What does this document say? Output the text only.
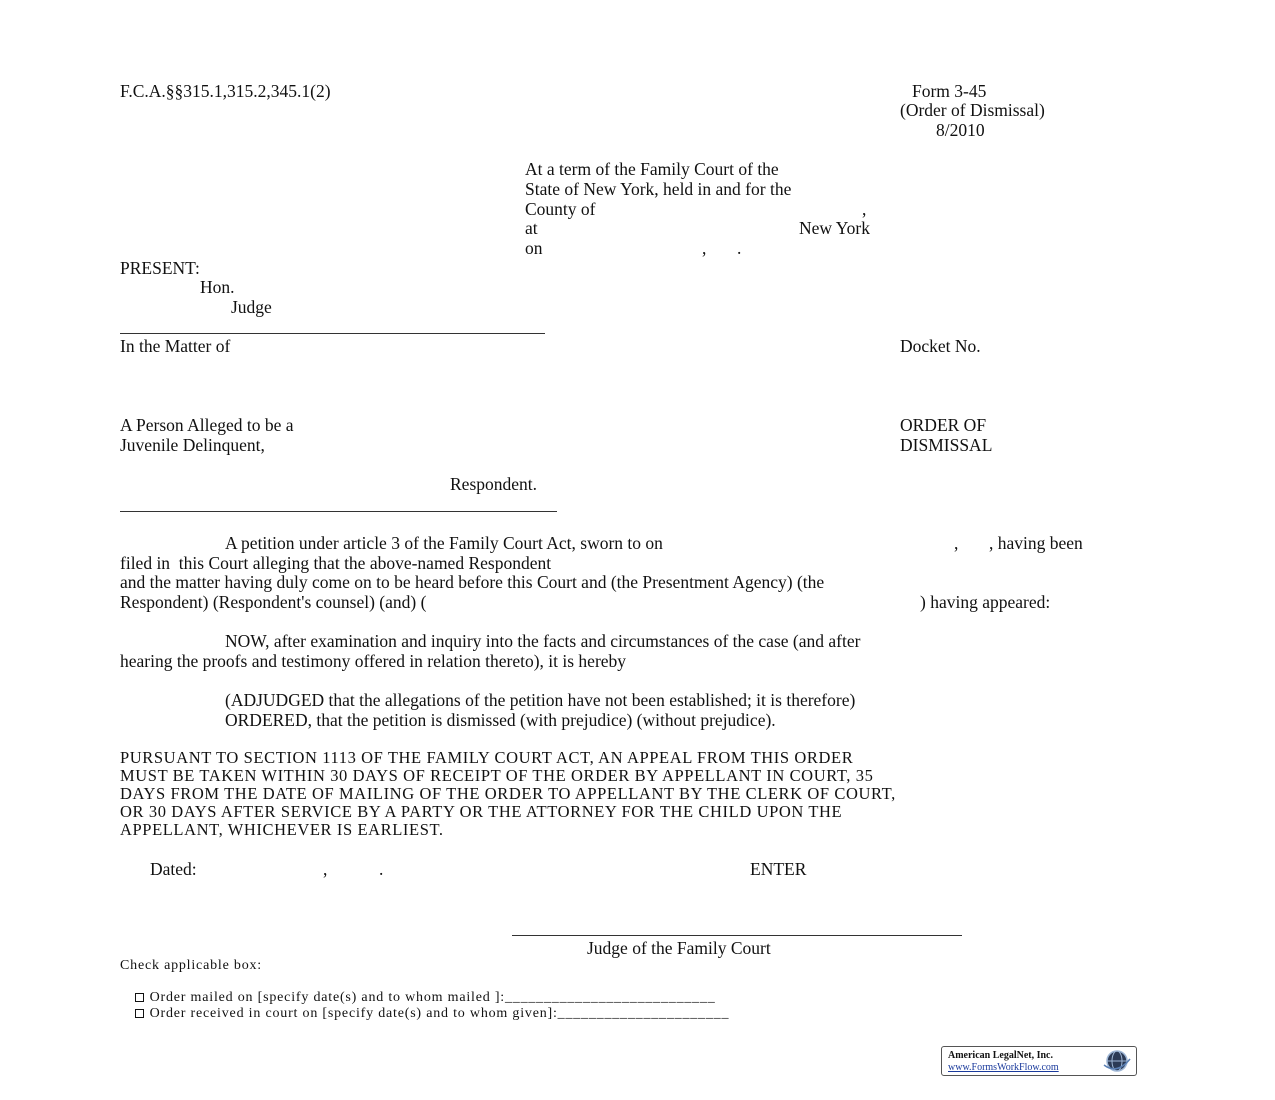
F.C.A.§§315.1,315.2,345.1(2)	Form 3-45
(Order of Dismissal)
8/2010
At a term of the Family Court of the
State of New York, held in and for the
County of	,
at	New York
on	, .
PRESENT:
Hon.
Judge
In the Matter of	Docket No.
A Person Alleged to be a
Juvenile Delinquent,
ORDER OF
DISMISSAL
Respondent.
A petition under article 3 of the Family Court Act, sworn to on	, , having been
filed in  this Court alleging that the above-named Respondent
and the matter having duly come on to be heard before this Court and (the Presentment Agency) (the
Respondent) (Respondent's counsel) (and) (	) having appeared:
NOW, after examination and inquiry into the facts and circumstances of the case (and after
hearing the proofs and testimony offered in relation thereto), it is hereby
(ADJUDGED that the allegations of the petition have not been established; it is therefore)
ORDERED, that the petition is dismissed (with prejudice) (without prejudice).
PURSUANT TO SECTION 1113 OF THE FAMILY COURT ACT, AN APPEAL FROM THIS ORDER
MUST BE TAKEN WITHIN 30 DAYS OF RECEIPT OF THE ORDER BY APPELLANT IN COURT, 35
DAYS FROM THE DATE OF MAILING OF THE ORDER TO APPELLANT BY THE CLERK OF COURT,
OR 30 DAYS AFTER SERVICE BY A PARTY OR THE ATTORNEY FOR THE CHILD UPON THE
APPELLANT, WHICHEVER IS EARLIEST.
Dated:	,	.	ENTER
Judge of the Family Court
Check applicable box:

Order mailed on [specify date(s) and to whom mailed ]:___________________________

Order received in court on [specify date(s) and to whom given]:______________________

American LegalNet, Inc.
www.FormsWorkFlow.com
